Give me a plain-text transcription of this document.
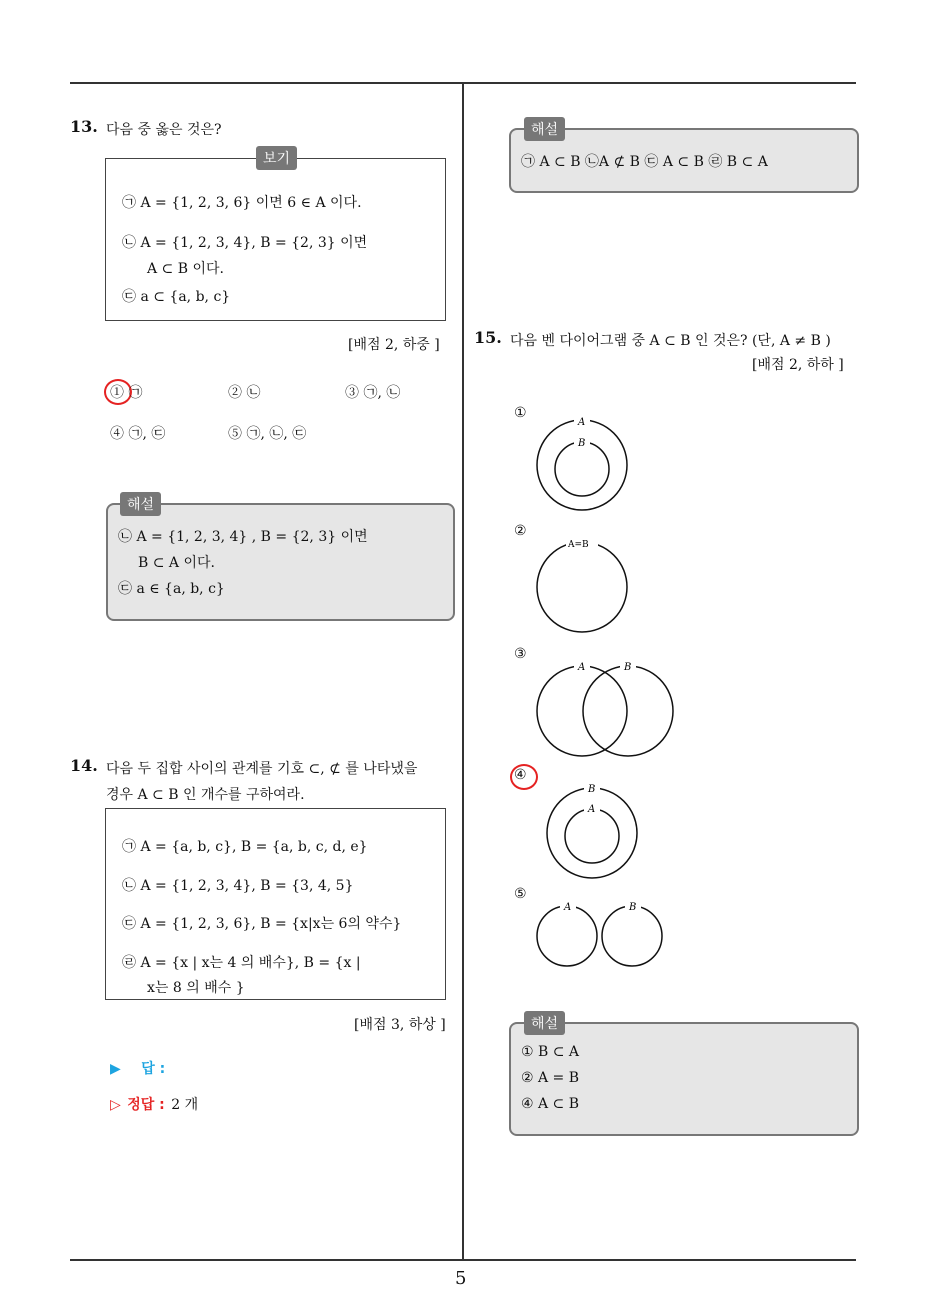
5
13. 다음 중 옳은 것은?
보기
㉠ A = {1, 2, 3, 6} 이면 6 ∈ A 이다.
㉡ A = {1, 2, 3, 4}, B = {2, 3} 이면
A ⊂ B 이다.
㉢ a ⊂ {a, b, c}
[배점 2, 하중 ]
① ㉠	② ㉡	③ ㉠, ㉡
④ ㉠, ㉢	⑤ ㉠, ㉡, ㉢
해설
㉡ A = {1, 2, 3, 4} , B = {2, 3} 이면
B ⊂ A 이다.
㉢ a ∈ {a, b, c}
14. 다음 두 집합 사이의 관계를 기호 ⊂, ⊄ 를 나타냈을
경우 A ⊂ B 인 개수를 구하여라.
㉠ A = {a, b, c}, B = {a, b, c, d, e}
㉡ A = {1, 2, 3, 4}, B = {3, 4, 5}
㉢ A = {1, 2, 3, 6}, B = {x|x는 6의 약수}
㉣ A = {x | x는 4 의 배수}, B = {x |
x는 8 의 배수 }
[배점 3, 하상 ]
▶ 답 :
▷ 정답 : 2 개
해설
㉠ A ⊂ B ㉡A ⊄ B ㉢ A ⊂ B ㉣ B ⊂ A
15. 다음 벤 다이어그램 중 A ⊂ B 인 것은? (단, A ≠ B )
[배점 2, 하하 ]
①
②
③
④
⑤
A
B
A=B
A	B
B
A
A	B
해설
① B ⊂ A
② A = B
④ A ⊂ B
